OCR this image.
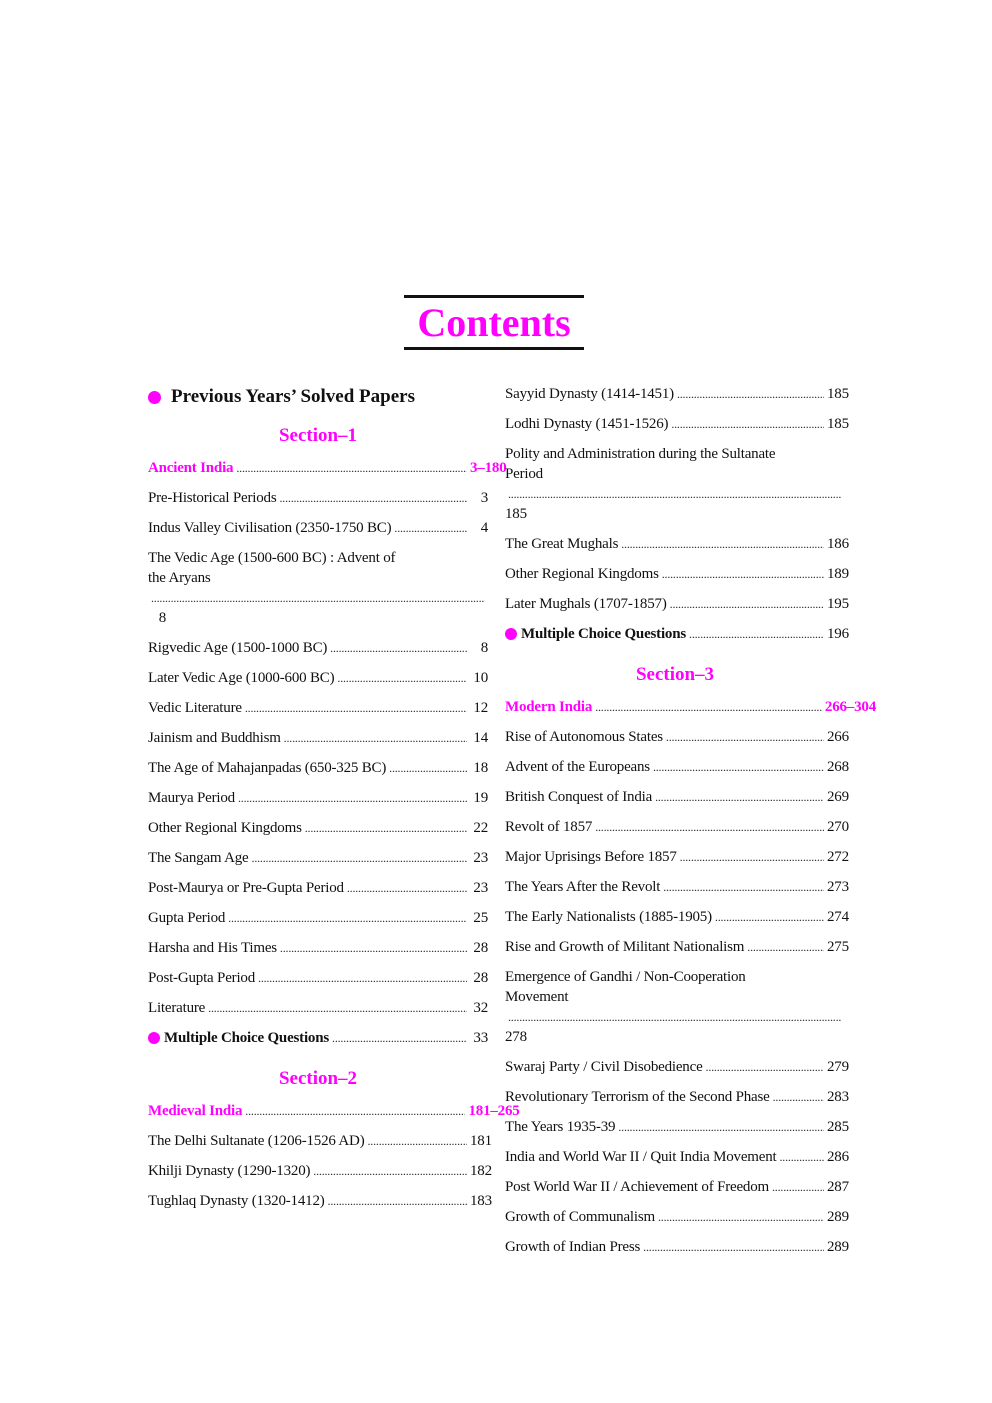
Contents
Previous Years’ Solved Papers
Section–1
Ancient India .....	3–180
Pre-Historical Periods .....	3
Indus Valley Civilisation (2350-1750 BC) .....	4
The Vedic Age (1500-600 BC) : Advent of
the Aryans
.....
8
Rigvedic Age (1500-1000 BC) .....	8
Later Vedic Age (1000-600 BC) .....	10
Vedic Literature .....	12
Jainism and Buddhism .....	14
The Age of Mahajanpadas (650-325 BC) .....	18
Maurya Period .....	19
Other Regional Kingdoms .....	22
The Sangam Age .....	23
Post-Maurya or Pre-Gupta Period .....	23
Gupta Period .....	25
Harsha and His Times .....	28
Post-Gupta Period .....	28
Literature .....	32
Multiple Choice Questions .....	33
Section–2
Medieval India .....	181–265
The Delhi Sultanate (1206-1526 AD) .....	181
Khilji Dynasty (1290-1320) .....	182
Tughlaq Dynasty (1320-1412) .....	183
Sayyid Dynasty (1414-1451) .....	185
Lodhi Dynasty (1451-1526) .....	185
Polity and Administration during the Sultanate
Period
.....
185
The Great Mughals .....	186
Other Regional Kingdoms .....	189
Later Mughals (1707-1857) .....	195
Multiple Choice Questions .....	196
Section–3
Modern India .....	266–304
Rise of Autonomous States .....	266
Advent of the Europeans .....	268
British Conquest of India .....	269
Revolt of 1857 .....	270
Major Uprisings Before 1857 .....	272
The Years After the Revolt .....	273
The Early Nationalists (1885-1905) .....	274
Rise and Growth of Militant Nationalism .....	275
Emergence of Gandhi / Non-Cooperation
Movement
.....
278
Swaraj Party / Civil Disobedience .....	279
Revolutionary Terrorism of the Second Phase .....	283
The Years 1935-39 .....	285
India and World War II / Quit India Movement .....	286
Post World War II / Achievement of Freedom .....	287
Growth of Communalism .....	289
Growth of Indian Press .....	289
